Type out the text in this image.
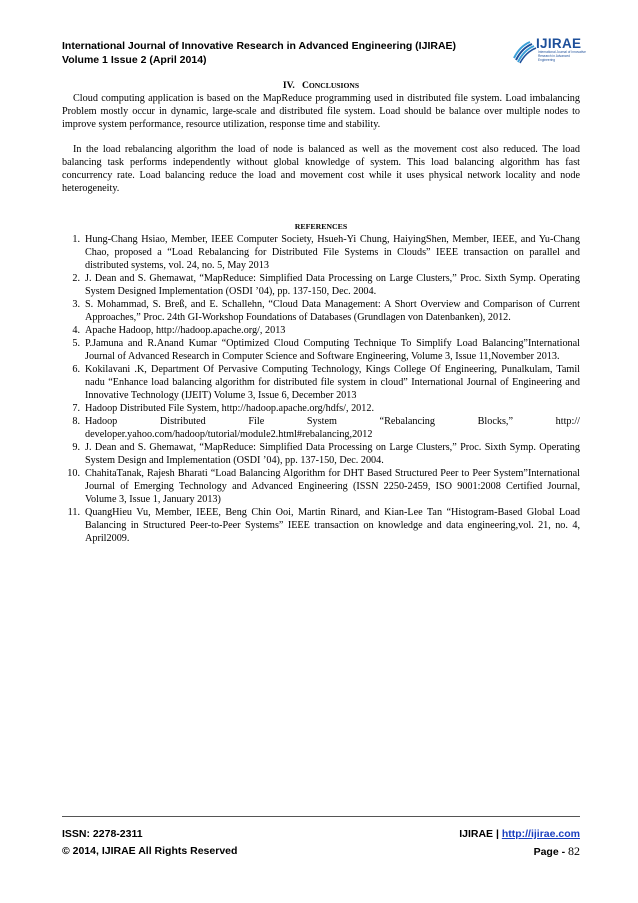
International Journal of Innovative Research in Advanced Engineering (IJIRAE)
Volume 1 Issue 2 (April 2014)
IJIRAE
International Journal of Innovative Research in Advanced Engineering
IV. CONCLUSIONS

Cloud computing application is based on the MapReduce programming used in distributed file system. Load imbalancing Problem mostly occur in dynamic, large-scale and distributed file system. Load should be balance over multiple nodes to improve system performance, resource utilization, response time and stability.

In the load rebalancing algorithm the load of node is balanced as well as the movement cost also reduced. The load balancing task performs independently without global knowledge of system. This load balancing algorithm has fast concurrency rate. Load balancing reduce the load and movement cost while it uses physical network locality and node heterogeneity.

REFERENCES
1. Hung-Chang Hsiao, Member, IEEE Computer Society, Hsueh-Yi Chung, HaiyingShen, Member, IEEE, and Yu-Chang Chao, proposed a “Load Rebalancing for Distributed File Systems in Clouds” IEEE transaction on parallel and distributed systems, vol. 24, no. 5, May 2013
2. J. Dean and S. Ghemawat, “MapReduce: Simplified Data Processing on Large Clusters,” Proc. Sixth Symp. Operating System Designed Implementation (OSDI ’04), pp. 137-150, Dec. 2004.
3. S. Mohammad, S. Breß, and E. Schallehn, “Cloud Data Management: A Short Overview and Comparison of Current Approaches,” Proc. 24th GI-Workshop Foundations of Databases (Grundlagen von Datenbanken), 2012.
4. Apache Hadoop, http://hadoop.apache.org/, 2013
5. P.Jamuna and R.Anand Kumar “Optimized Cloud Computing Technique To Simplify Load Balancing”International Journal of Advanced Research in Computer Science and Software Engineering, Volume 3, Issue 11,November 2013.
6. Kokilavani .K, Department Of Pervasive Computing Technology, Kings College Of Engineering, Punalkulam, Tamil nadu “Enhance load balancing algorithm for distributed file system in cloud” International Journal of Engineering and Innovative Technology (IJEIT) Volume 3, Issue 6, December 2013
7. Hadoop Distributed File System, http://hadoop.apache.org/hdfs/, 2012.
8. Hadoop Distributed File System “Rebalancing Blocks,” http:// developer.yahoo.com/hadoop/tutorial/module2.html#rebalancing,2012
9. J. Dean and S. Ghemawat, “MapReduce: Simplified Data Processing on Large Clusters,” Proc. Sixth Symp. Operating System Design and Implementation (OSDI ’04), pp. 137-150, Dec. 2004.
10. ChahitaTanak, Rajesh Bharati “Load Balancing Algorithm for DHT Based Structured Peer to Peer System”International Journal of Emerging Technology and Advanced Engineering (ISSN 2250-2459, ISO 9001:2008 Certified Journal, Volume 3, Issue 1, January 2013)
11. QuangHieu Vu, Member, IEEE, Beng Chin Ooi, Martin Rinard, and Kian-Lee Tan “Histogram-Based Global Load Balancing in Structured Peer-to-Peer Systems” IEEE transaction on knowledge and data engineering,vol. 21, no. 4, April2009.
ISSN: 2278-2311
© 2014, IJIRAE All Rights Reserved
IJIRAE | http://ijirae.com
Page - 82
